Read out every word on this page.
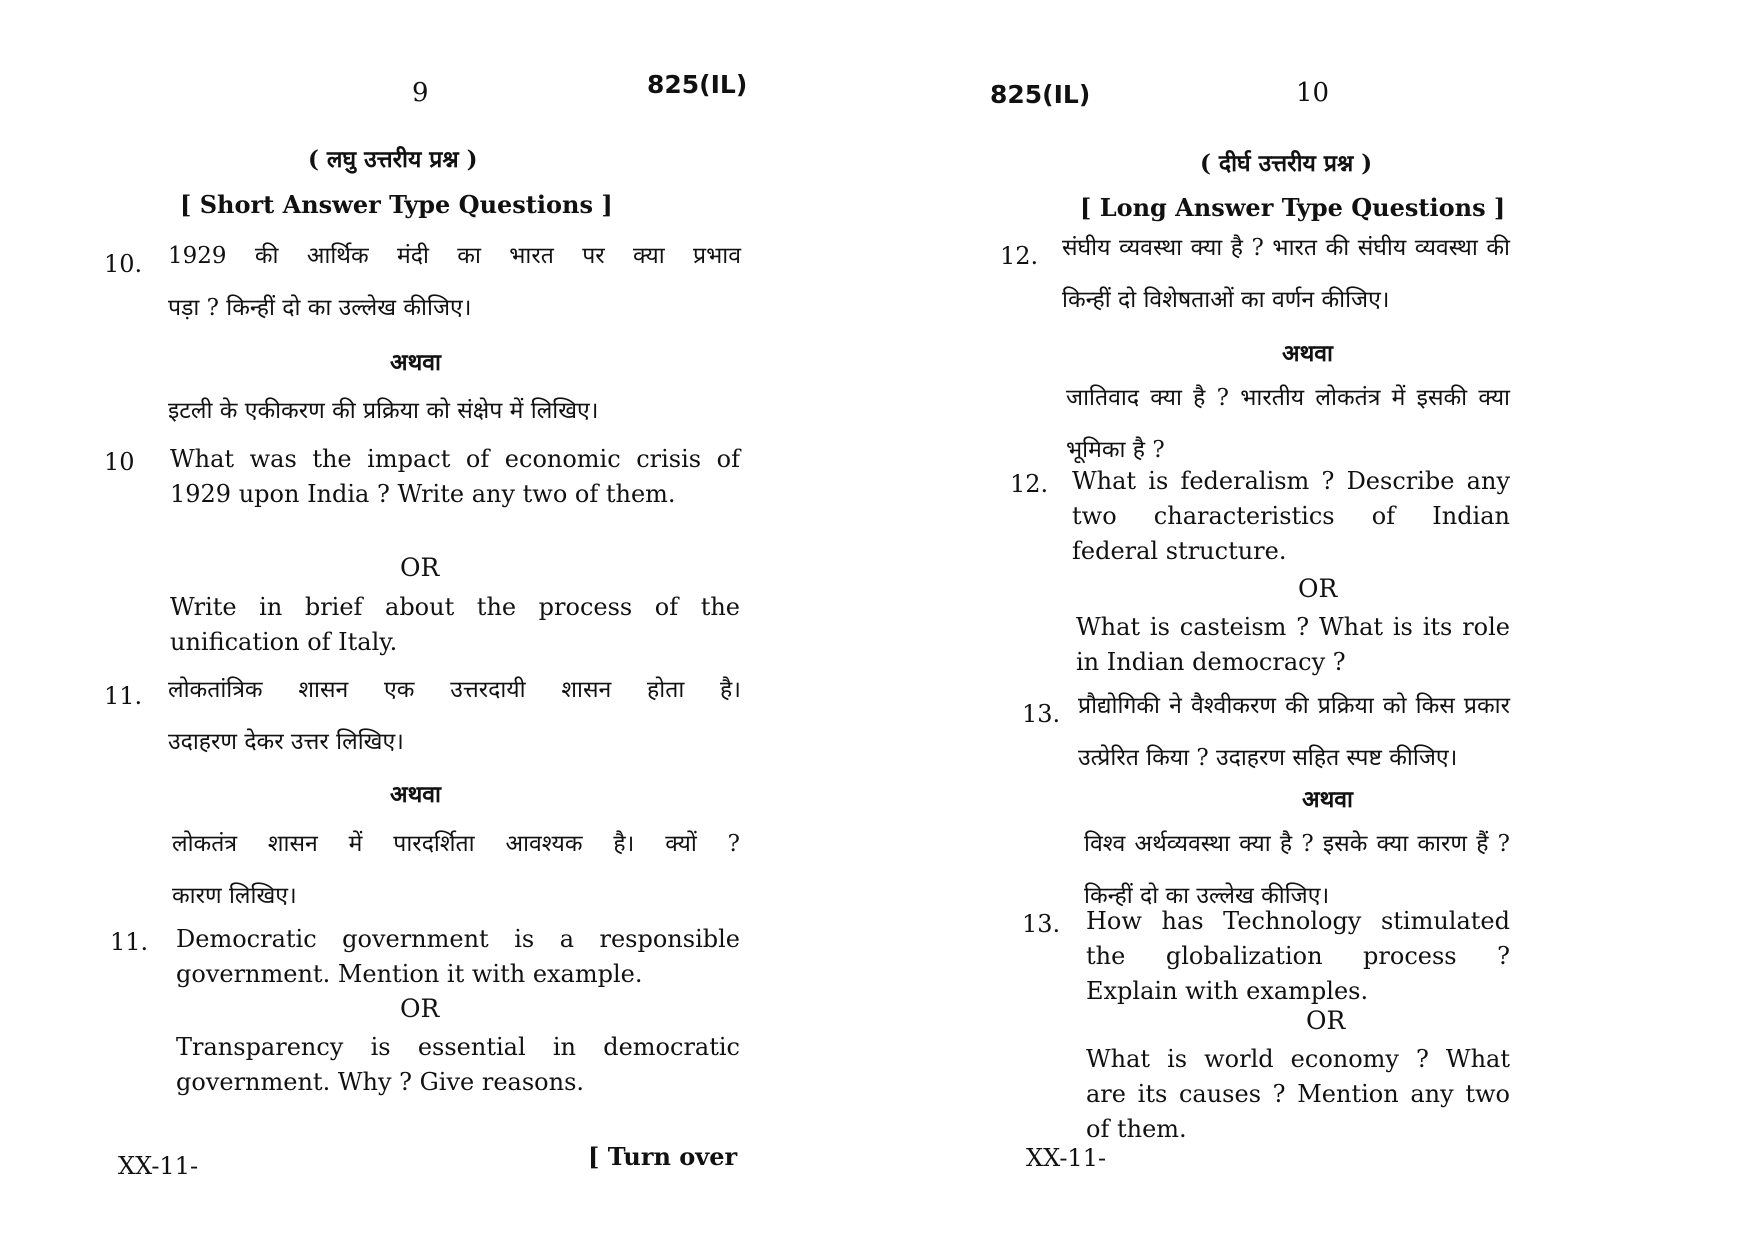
9	825(IL)
( लघु उत्तरीय प्रश्न )
[ Short Answer Type Questions ]
10. 1929 की आर्थिक मंदी का भारत पर क्या प्रभाव
पड़ा ? किन्हीं दो का उल्लेख कीजिए।
अथवा
इटली के एकीकरण की प्रक्रिया को संक्षेप में लिखिए।
10 What was the impact of economic crisis of 1929 upon India ? Write any two of them.
OR
Write in brief about the process of the unification of Italy.
11. लोकतांत्रिक शासन एक उत्तरदायी शासन होता है।
उदाहरण देकर उत्तर लिखिए।
अथवा
लोकतंत्र शासन में पारदर्शिता आवश्यक है। क्यों ?
कारण लिखिए।
11. Democratic government is a responsible government. Mention it with example.
OR
Transparency is essential in democratic government. Why ? Give reasons.
XX-11-	[ Turn over
825(IL)	10
( दीर्घ उत्तरीय प्रश्न )
[ Long Answer Type Questions ]
12. संघीय व्यवस्था क्या है ? भारत की संघीय व्यवस्था की
किन्हीं दो विशेषताओं का वर्णन कीजिए।
अथवा
जातिवाद क्या है ? भारतीय लोकतंत्र में इसकी क्या
भूमिका है ?
12. What is federalism ? Describe any two characteristics of Indian federal structure.
OR
What is casteism ? What is its role in Indian democracy ?
13. प्रौद्योगिकी ने वैश्वीकरण की प्रक्रिया को किस प्रकार
उत्प्रेरित किया ? उदाहरण सहित स्पष्ट कीजिए।
अथवा
विश्व अर्थव्यवस्था क्या है ? इसके क्या कारण हैं ?
किन्हीं दो का उल्लेख कीजिए।
13. How has Technology stimulated the globalization process ? Explain with examples.
OR
What is world economy ? What are its causes ? Mention any two of them.
XX-11-
